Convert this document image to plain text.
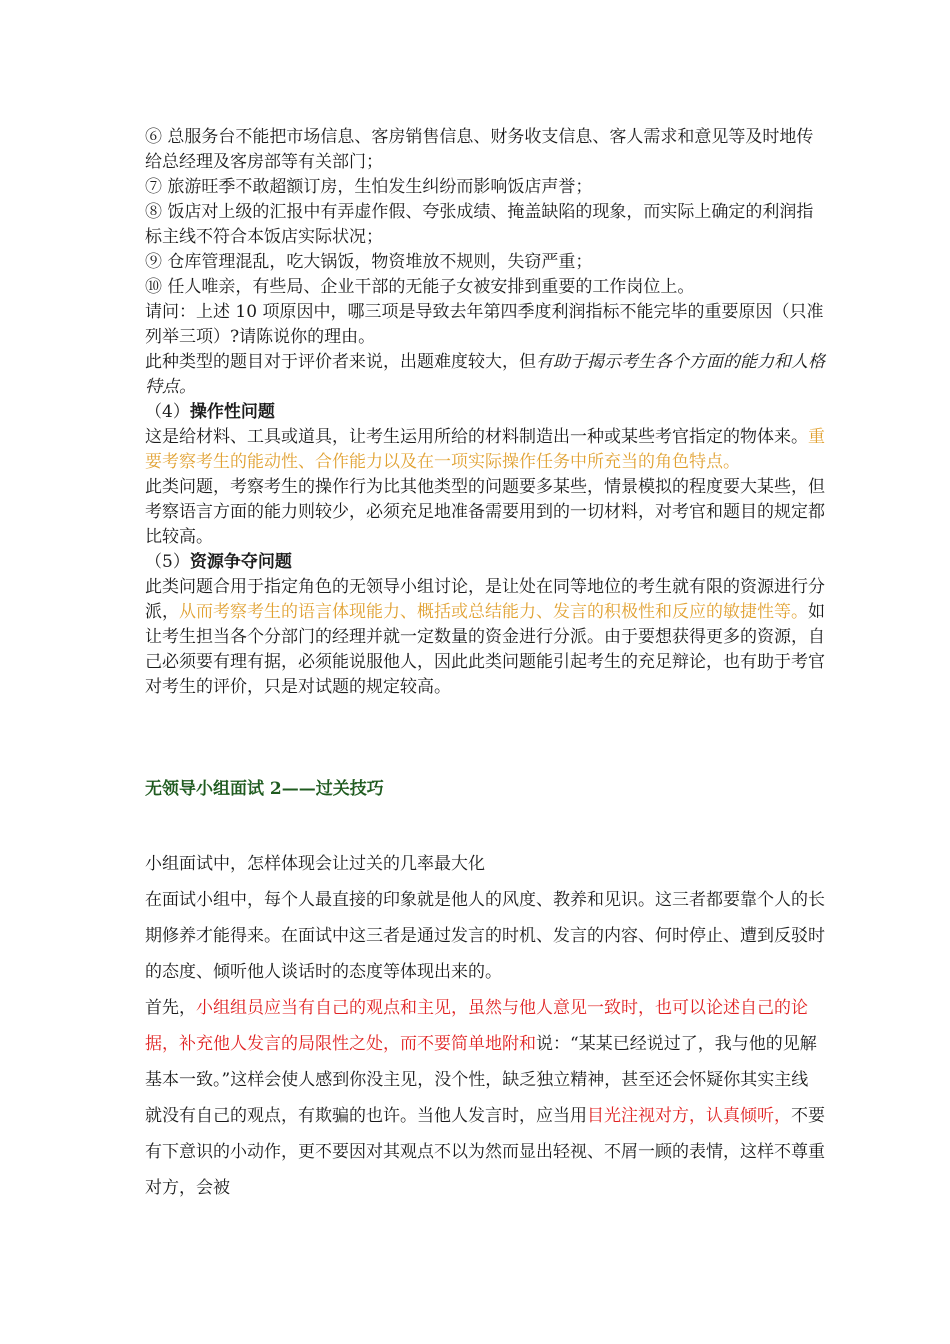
⑥ 总服务台不能把市场信息、客房销售信息、财务收支信息、客人需求和意见等及时地传给总经理及客房部等有关部门；

⑦ 旅游旺季不敢超额订房，生怕发生纠纷而影响饭店声誉；

⑧ 饭店对上级的汇报中有弄虚作假、夸张成绩、掩盖缺陷的现象，而实际上确定的利润指标主线不符合本饭店实际状况；

⑨ 仓库管理混乱，吃大锅饭，物资堆放不规则，失窃严重；

⑩ 任人唯亲，有些局、企业干部的无能子女被安排到重要的工作岗位上。

请问：上述 10 项原因中，哪三项是导致去年第四季度利润指标不能完毕的重要原因（只准列举三项）?请陈说你的理由。

此种类型的题目对于评价者来说，出题难度较大，但有助于揭示考生各个方面的能力和人格特点。

（4）操作性问题

这是给材料、工具或道具，让考生运用所给的材料制造出一种或某些考官指定的物体来。重要考察考生的能动性、合作能力以及在一项实际操作任务中所充当的角色特点。

此类问题，考察考生的操作行为比其他类型的问题要多某些，情景模拟的程度要大某些，但考察语言方面的能力则较少，必须充足地准备需要用到的一切材料，对考官和题目的规定都比较高。

（5）资源争夺问题

此类问题合用于指定角色的无领导小组讨论，是让处在同等地位的考生就有限的资源进行分派，从而考察考生的语言体现能力、概括或总结能力、发言的积极性和反应的敏捷性等。如让考生担当各个分部门的经理并就一定数量的资金进行分派。由于要想获得更多的资源，自己必须要有理有据，必须能说服他人，因此此类问题能引起考生的充足辩论，也有助于考官对考生的评价，只是对试题的规定较高。

无领导小组面试 2——过关技巧

小组面试中，怎样体现会让过关的几率最大化

在面试小组中，每个人最直接的印象就是他人的风度、教养和见识。这三者都要靠个人的长期修养才能得来。在面试中这三者是通过发言的时机、发言的内容、何时停止、遭到反驳时的态度、倾听他人谈话时的态度等体现出来的。

首先，小组组员应当有自己的观点和主见，虽然与他人意见一致时，也可以论述自己的论据，补充他人发言的局限性之处，而不要简单地附和说：“某某已经说过了，我与他的见解基本一致。”这样会使人感到你没主见，没个性，缺乏独立精神，甚至还会怀疑你其实主线就没有自己的观点，有欺骗的也许。当他人发言时，应当用目光注视对方，认真倾听，不要有下意识的小动作，更不要因对其观点不以为然而显出轻视、不屑一顾的表情，这样不尊重对方，会被
